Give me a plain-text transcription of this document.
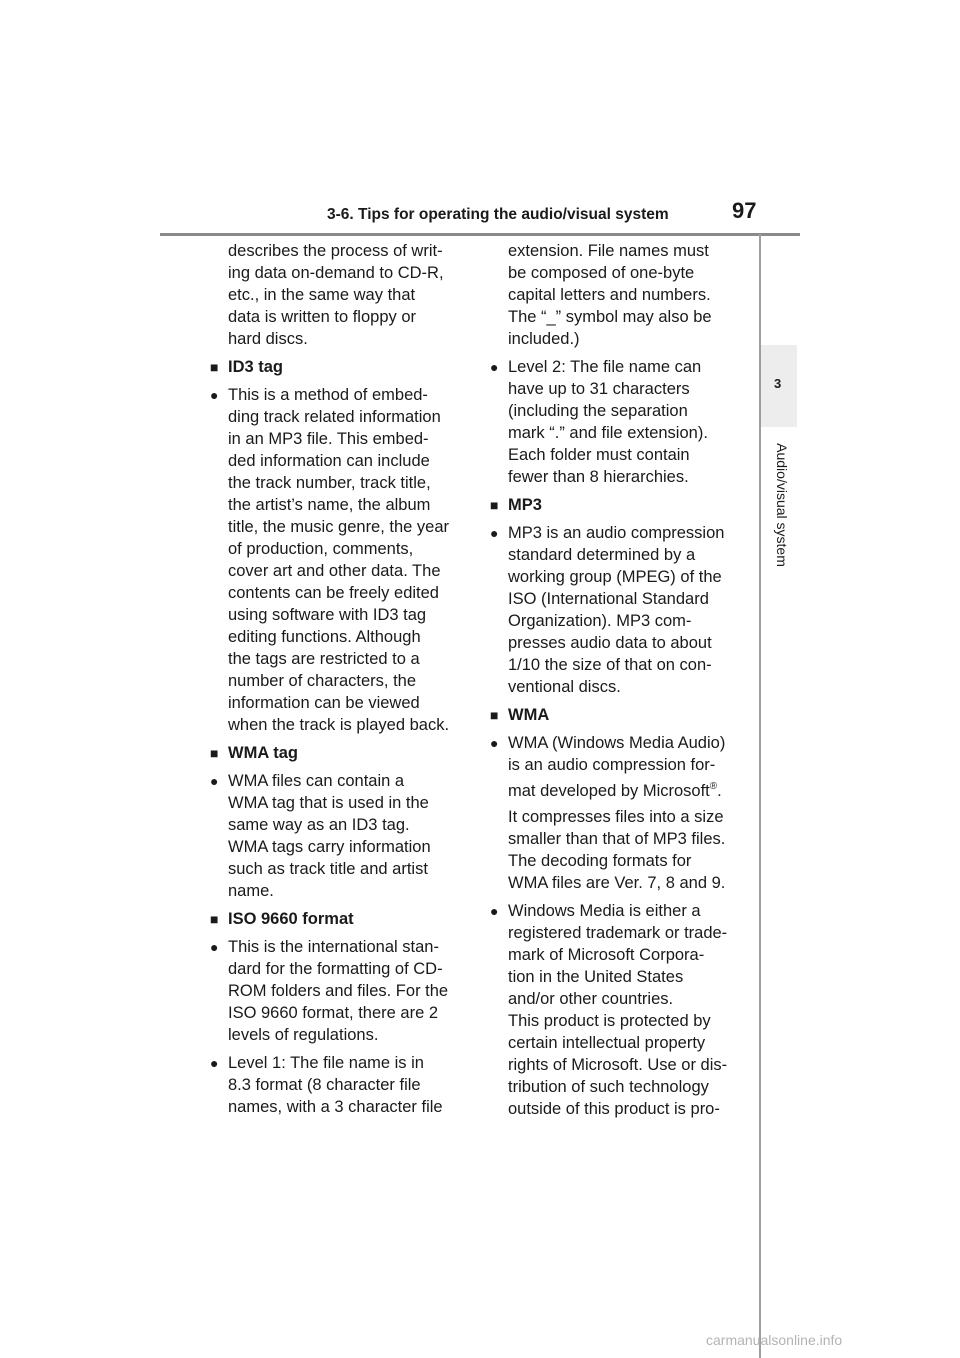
3-6. Tips for operating the audio/visual system	97
3
Audio/visual system
describes the process of writ-
ing data on-demand to CD-R,
etc., in the same way that
data is written to floppy or
hard discs.
■ ID3 tag
● This is a method of embed-
ding track related information
in an MP3 file. This embed-
ded information can include
the track number, track title,
the artist’s name, the album
title, the music genre, the year
of production, comments,
cover art and other data. The
contents can be freely edited
using software with ID3 tag
editing functions. Although
the tags are restricted to a
number of characters, the
information can be viewed
when the track is played back.
■ WMA tag
● WMA files can contain a
WMA tag that is used in the
same way as an ID3 tag.
WMA tags carry information
such as track title and artist
name.
■ ISO 9660 format
● This is the international stan-
dard for the formatting of CD-
ROM folders and files. For the
ISO 9660 format, there are 2
levels of regulations.
● Level 1: The file name is in
8.3 format (8 character file
names, with a 3 character file
extension. File names must
be composed of one-byte
capital letters and numbers.
The “_” symbol may also be
included.)
● Level 2: The file name can
have up to 31 characters
(including the separation
mark “.” and file extension).
Each folder must contain
fewer than 8 hierarchies.
■ MP3
● MP3 is an audio compression
standard determined by a
working group (MPEG) of the
ISO (International Standard
Organization). MP3 com-
presses audio data to about
1/10 the size of that on con-
ventional discs.
■ WMA
● WMA (Windows Media Audio)
is an audio compression for-
mat developed by Microsoft®.
It compresses files into a size
smaller than that of MP3 files.
The decoding formats for
WMA files are Ver. 7, 8 and 9.
● Windows Media is either a
registered trademark or trade-
mark of Microsoft Corpora-
tion in the United States
and/or other countries.
This product is protected by
certain intellectual property
rights of Microsoft. Use or dis-
tribution of such technology
outside of this product is pro-
carmanualsonline.info
